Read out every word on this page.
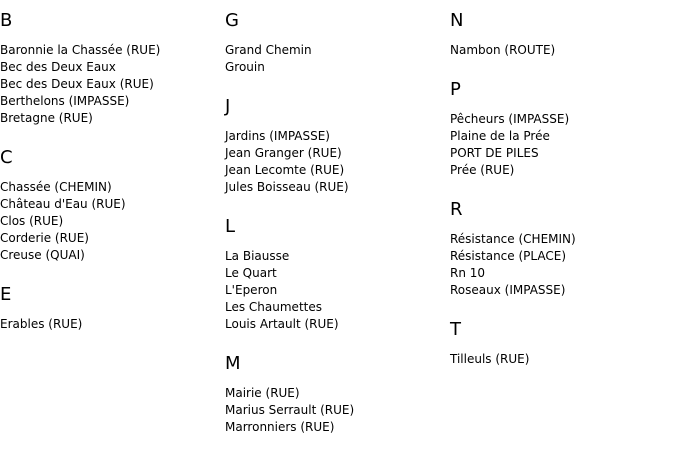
B
Baronnie la Chassée (RUE)
Bec des Deux Eaux
Bec des Deux Eaux (RUE)
Berthelons (IMPASSE)
Bretagne (RUE)
C
Chassée (CHEMIN)
Château d'Eau (RUE)
Clos (RUE)
Corderie (RUE)
Creuse (QUAI)
E
Erables (RUE)
G
Grand Chemin
Grouin
J
Jardins (IMPASSE)
Jean Granger (RUE)
Jean Lecomte (RUE)
Jules Boisseau (RUE)
L
La Biausse
Le Quart
L'Eperon
Les Chaumettes
Louis Artault (RUE)
M
Mairie (RUE)
Marius Serrault (RUE)
Marronniers (RUE)
N
Nambon (ROUTE)
P
Pêcheurs (IMPASSE)
Plaine de la Prée
PORT DE PILES
Prée (RUE)
R
Résistance (CHEMIN)
Résistance (PLACE)
Rn 10
Roseaux (IMPASSE)
T
Tilleuls (RUE)
